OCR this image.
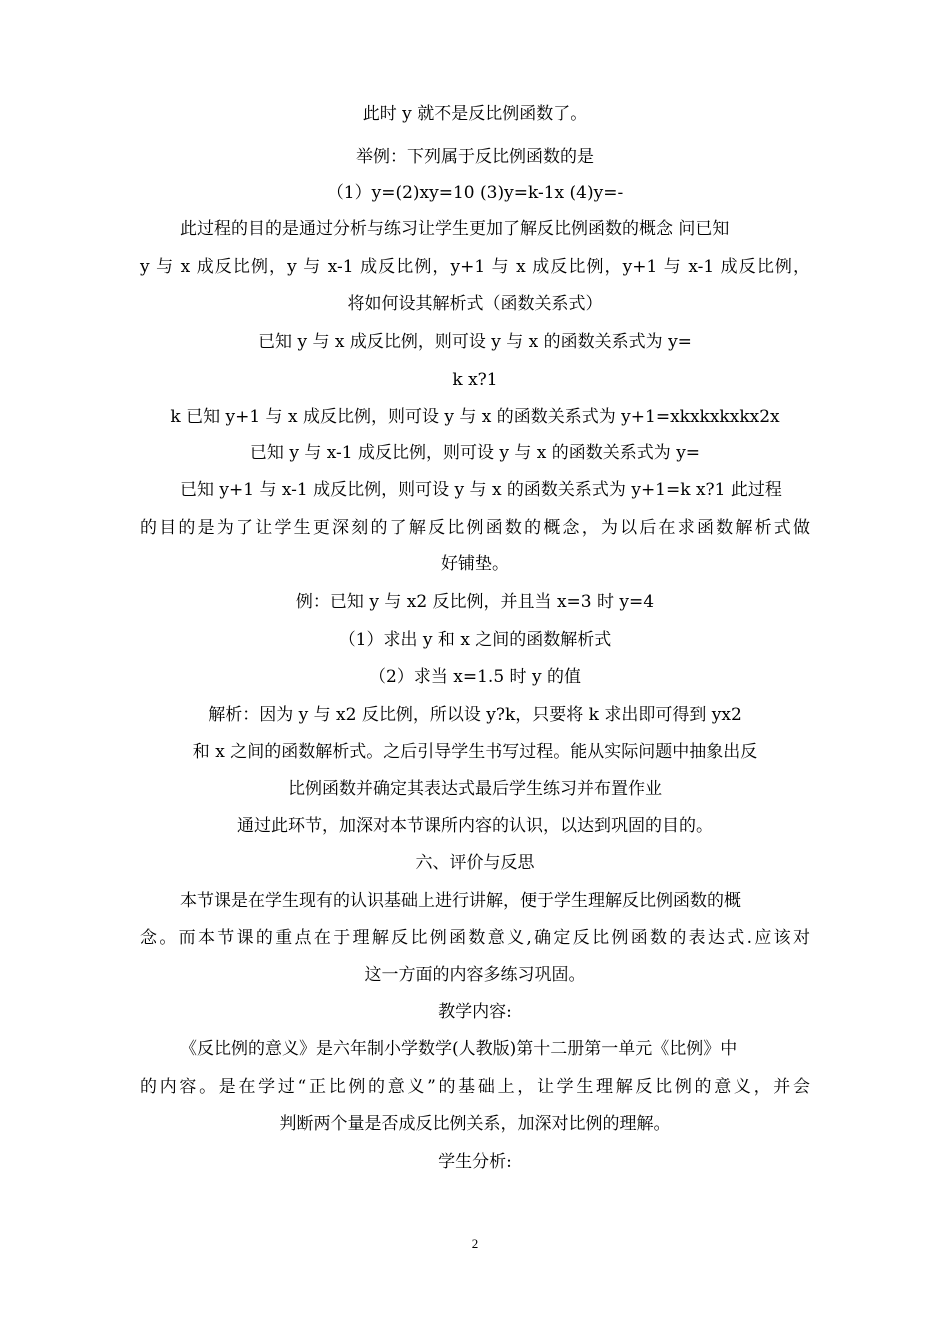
此时 y 就不是反比例函数了。

举例：下列属于反比例函数的是

（1）y=(2)xy=10 (3)y=k-1x (4)y=-

此过程的目的是通过分析与练习让学生更加了解反比例函数的概念 问已知

y 与 x 成反比例，y 与 x-1 成反比例，y+1 与 x 成反比例，y+1 与 x-1 成反比例，

将如何设其解析式（函数关系式）

已知 y 与 x 成反比例，则可设 y 与 x 的函数关系式为 y=

k x?1

k 已知 y+1 与 x 成反比例，则可设 y 与 x 的函数关系式为 y+1=xkxkxkxkx2x

已知 y 与 x-1 成反比例，则可设 y 与 x 的函数关系式为 y=

已知 y+1 与 x-1 成反比例，则可设 y 与 x 的函数关系式为 y+1=k x?1 此过程

的目的是为了让学生更深刻的了解反比例函数的概念，为以后在求函数解析式做

好铺垫。

例：已知 y 与 x2 反比例，并且当 x=3 时 y=4

（1）求出 y 和 x 之间的函数解析式

（2）求当 x=1.5 时 y 的值

解析：因为 y 与 x2 反比例，所以设 y?k，只要将 k 求出即可得到 yx2

和 x 之间的函数解析式。之后引导学生书写过程。能从实际问题中抽象出反

比例函数并确定其表达式最后学生练习并布置作业

通过此环节，加深对本节课所内容的认识，以达到巩固的目的。

六、评价与反思

本节课是在学生现有的认识基础上进行讲解，便于学生理解反比例函数的概

念。而本节课的重点在于理解反比例函数意义,确定反比例函数的表达式.应该对

这一方面的内容多练习巩固。

教学内容:

《反比例的意义》是六年制小学数学(人教版)第十二册第一单元《比例》中

的内容。是在学过“正比例的意义”的基础上，让学生理解反比例的意义，并会

判断两个量是否成反比例关系，加深对比例的理解。

学生分析:

2
